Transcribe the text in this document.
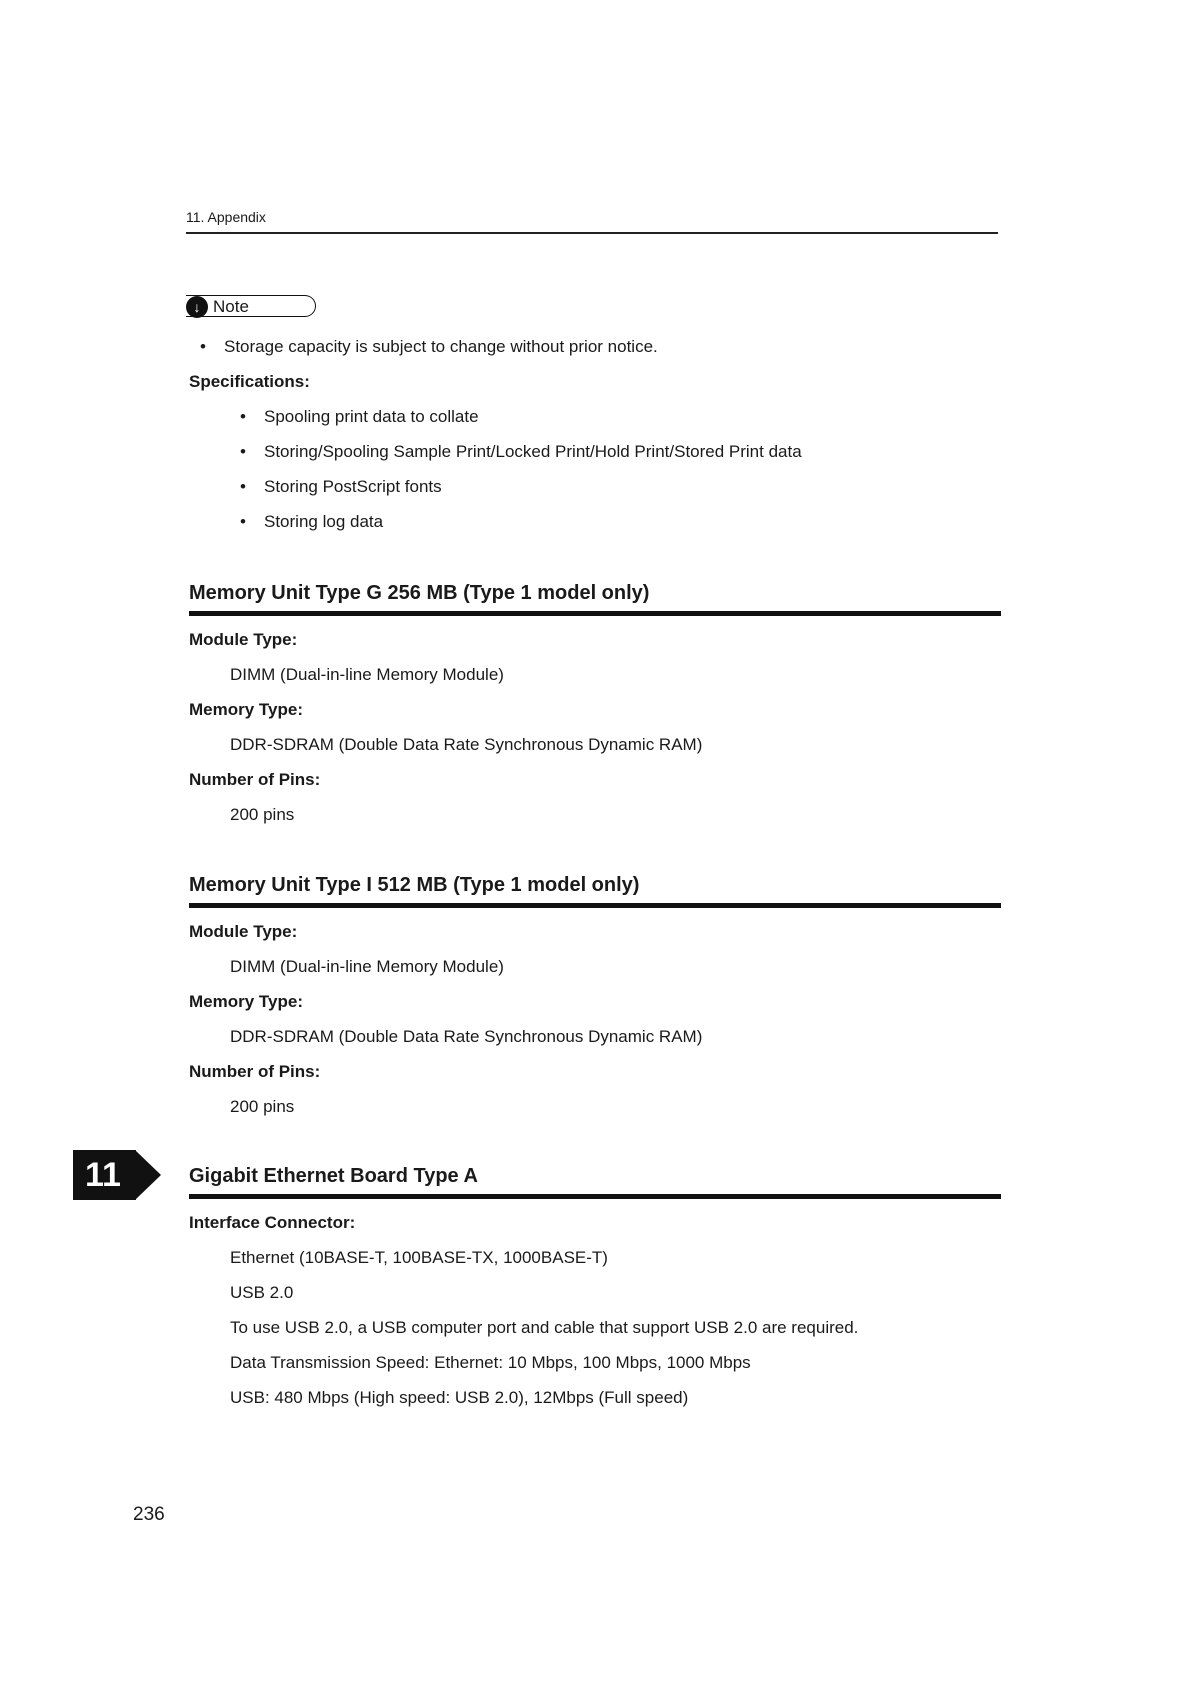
11. Appendix
↓ Note
• Storage capacity is subject to change without prior notice.
Specifications:
• Spooling print data to collate
• Storing/Spooling Sample Print/Locked Print/Hold Print/Stored Print data
• Storing PostScript fonts
• Storing log data
Memory Unit Type G 256 MB (Type 1 model only)
Module Type:
DIMM (Dual-in-line Memory Module)
Memory Type:
DDR-SDRAM (Double Data Rate Synchronous Dynamic RAM)
Number of Pins:
200 pins
Memory Unit Type I 512 MB (Type 1 model only)
Module Type:
DIMM (Dual-in-line Memory Module)
Memory Type:
DDR-SDRAM (Double Data Rate Synchronous Dynamic RAM)
Number of Pins:
200 pins
11	Gigabit Ethernet Board Type A
Interface Connector:
Ethernet (10BASE-T, 100BASE-TX, 1000BASE-T)
USB 2.0
To use USB 2.0, a USB computer port and cable that support USB 2.0 are required.
Data Transmission Speed: Ethernet: 10 Mbps, 100 Mbps, 1000 Mbps
USB: 480 Mbps (High speed: USB 2.0), 12Mbps (Full speed)
236
